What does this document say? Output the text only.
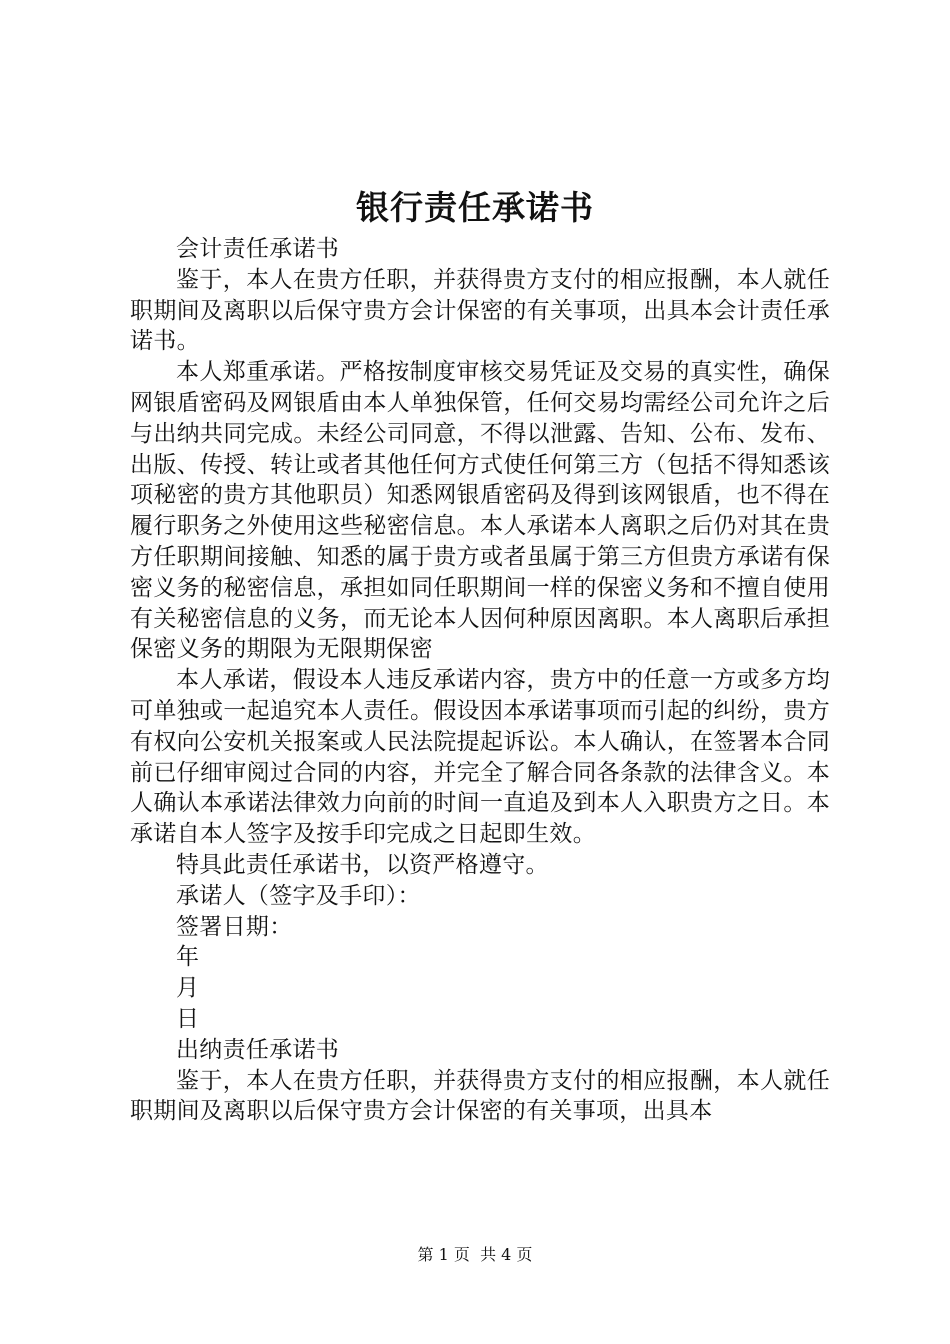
银行责任承诺书

会计责任承诺书

鉴于，本人在贵方任职，并获得贵方支付的相应报酬，本人就任职期间及离职以后保守贵方会计保密的有关事项，出具本会计责任承诺书。

本人郑重承诺。严格按制度审核交易凭证及交易的真实性，确保网银盾密码及网银盾由本人单独保管，任何交易均需经公司允许之后与出纳共同完成。未经公司同意，不得以泄露、告知、公布、发布、出版、传授、转让或者其他任何方式使任何第三方（包括不得知悉该项秘密的贵方其他职员）知悉网银盾密码及得到该网银盾，也不得在履行职务之外使用这些秘密信息。本人承诺本人离职之后仍对其在贵方任职期间接触、知悉的属于贵方或者虽属于第三方但贵方承诺有保密义务的秘密信息，承担如同任职期间一样的保密义务和不擅自使用有关秘密信息的义务，而无论本人因何种原因离职。本人离职后承担保密义务的期限为无限期保密

本人承诺，假设本人违反承诺内容，贵方中的任意一方或多方均可单独或一起追究本人责任。假设因本承诺事项而引起的纠纷，贵方有权向公安机关报案或人民法院提起诉讼。本人确认，在签署本合同前已仔细审阅过合同的内容，并完全了解合同各条款的法律含义。本人确认本承诺法律效力向前的时间一直追及到本人入职贵方之日。本承诺自本人签字及按手印完成之日起即生效。

特具此责任承诺书，以资严格遵守。

承诺人（签字及手印）：

签署日期：

年

月

日

出纳责任承诺书

鉴于，本人在贵方任职，并获得贵方支付的相应报酬，本人就任职期间及离职以后保守贵方会计保密的有关事项，出具本

第 1 页 共 4 页
